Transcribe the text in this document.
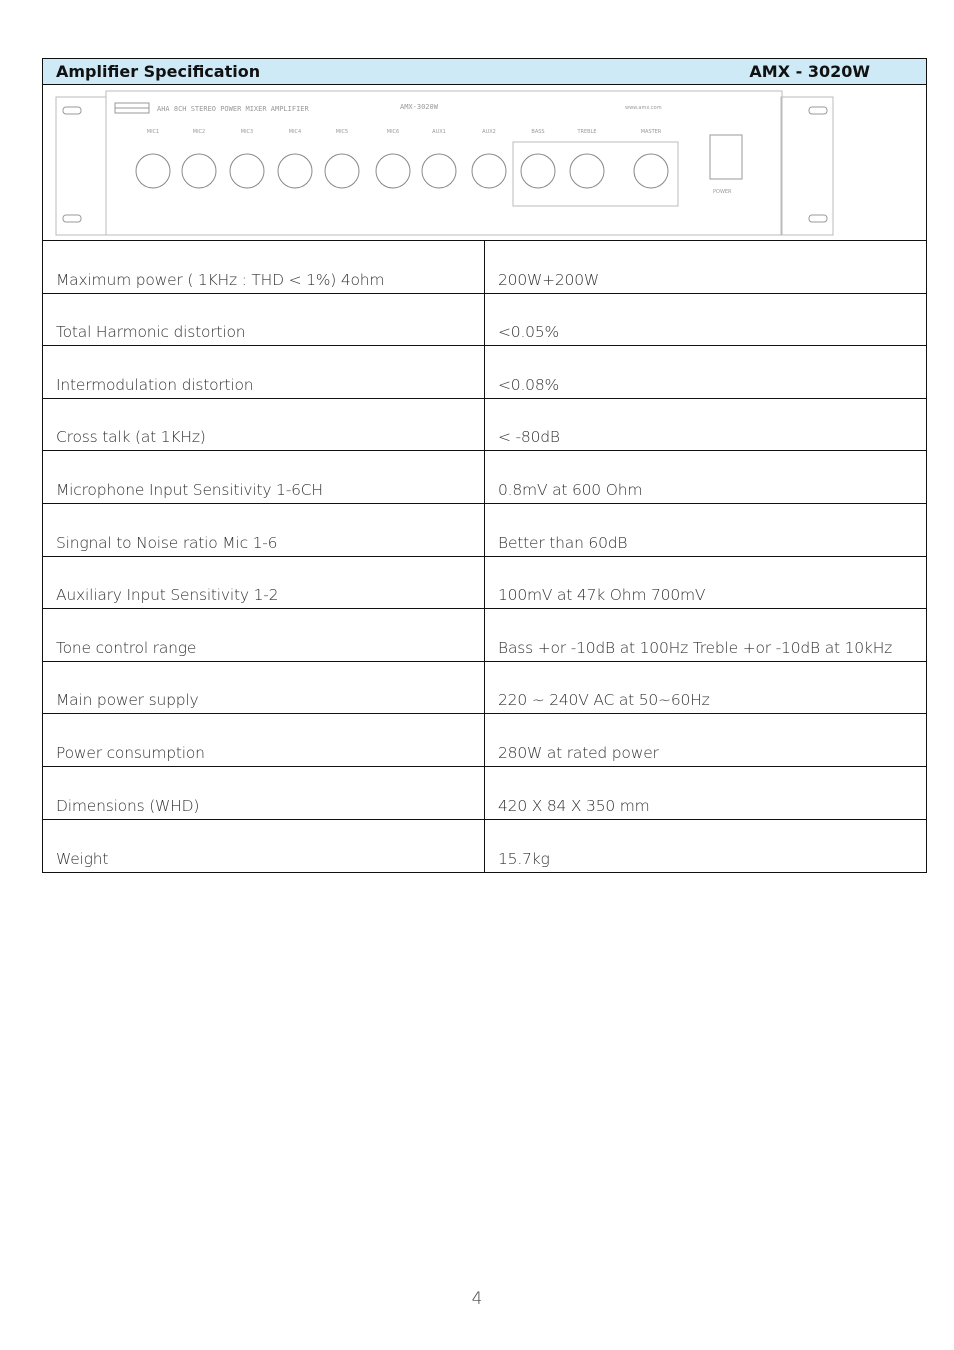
Amplifier Specification	AMX - 3020W
AHA 8CH STEREO POWER MIXER AMPLIFIER	AMX-3020W	www.amx.com
MIC1	MIC2	MIC3	MIC4	MIC5	MIC6	AUX1	AUX2	BASS	TREBLE	MASTER
POWER
Maximum power ( 1KHz : THD < 1%) 4ohm	200W+200W
Total Harmonic distortion	<0.05%
Intermodulation distortion	<0.08%
Cross talk (at 1KHz)	< -80dB
Microphone Input Sensitivity 1-6CH	0.8mV at 600 Ohm
Singnal to Noise ratio Mic 1-6	Better than 60dB
Auxiliary Input Sensitivity 1-2	100mV at 47k Ohm 700mV
Tone control range	Bass +or -10dB at 100Hz Treble +or -10dB at 10kHz
Main power supply	220 ~ 240V AC at 50~60Hz
Power consumption	280W at rated power
Dimensions (WHD)	420 X 84 X 350 mm
Weight	15.7kg
4
